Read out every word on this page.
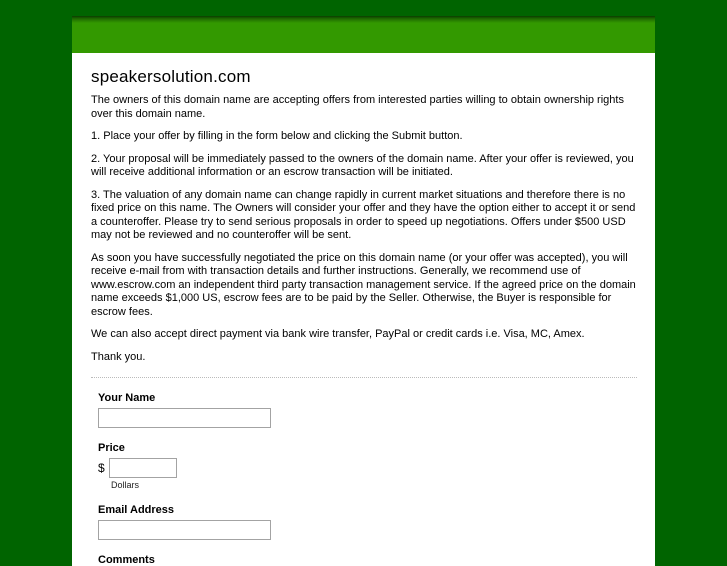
speakersolution.com

The owners of this domain name are accepting offers from interested parties willing to obtain ownership rights over this domain name.

1. Place your offer by filling in the form below and clicking the Submit button.

2. Your proposal will be immediately passed to the owners of the domain name. After your offer is reviewed, you will receive additional information or an escrow transaction will be initiated.

3. The valuation of any domain name can change rapidly in current market situations and therefore there is no fixed price on this name. The Owners will consider your offer and they have the option either to accept it or send a counteroffer. Please try to send serious proposals in order to speed up negotiations. Offers under $500 USD may not be reviewed and no counteroffer will be sent.

As soon you have successfully negotiated the price on this domain name (or your offer was accepted), you will receive e-mail from with transaction details and further instructions. Generally, we recommend use of www.escrow.com an independent third party transaction management service. If the agreed price on the domain name exceeds $1,000 US, escrow fees are to be paid by the Seller. Otherwise, the Buyer is responsible for escrow fees.

We can also accept direct payment via bank wire transfer, PayPal or credit cards i.e. Visa, MC, Amex.

Thank you.

Your Name
Price
$
Dollars
Email Address
Comments
